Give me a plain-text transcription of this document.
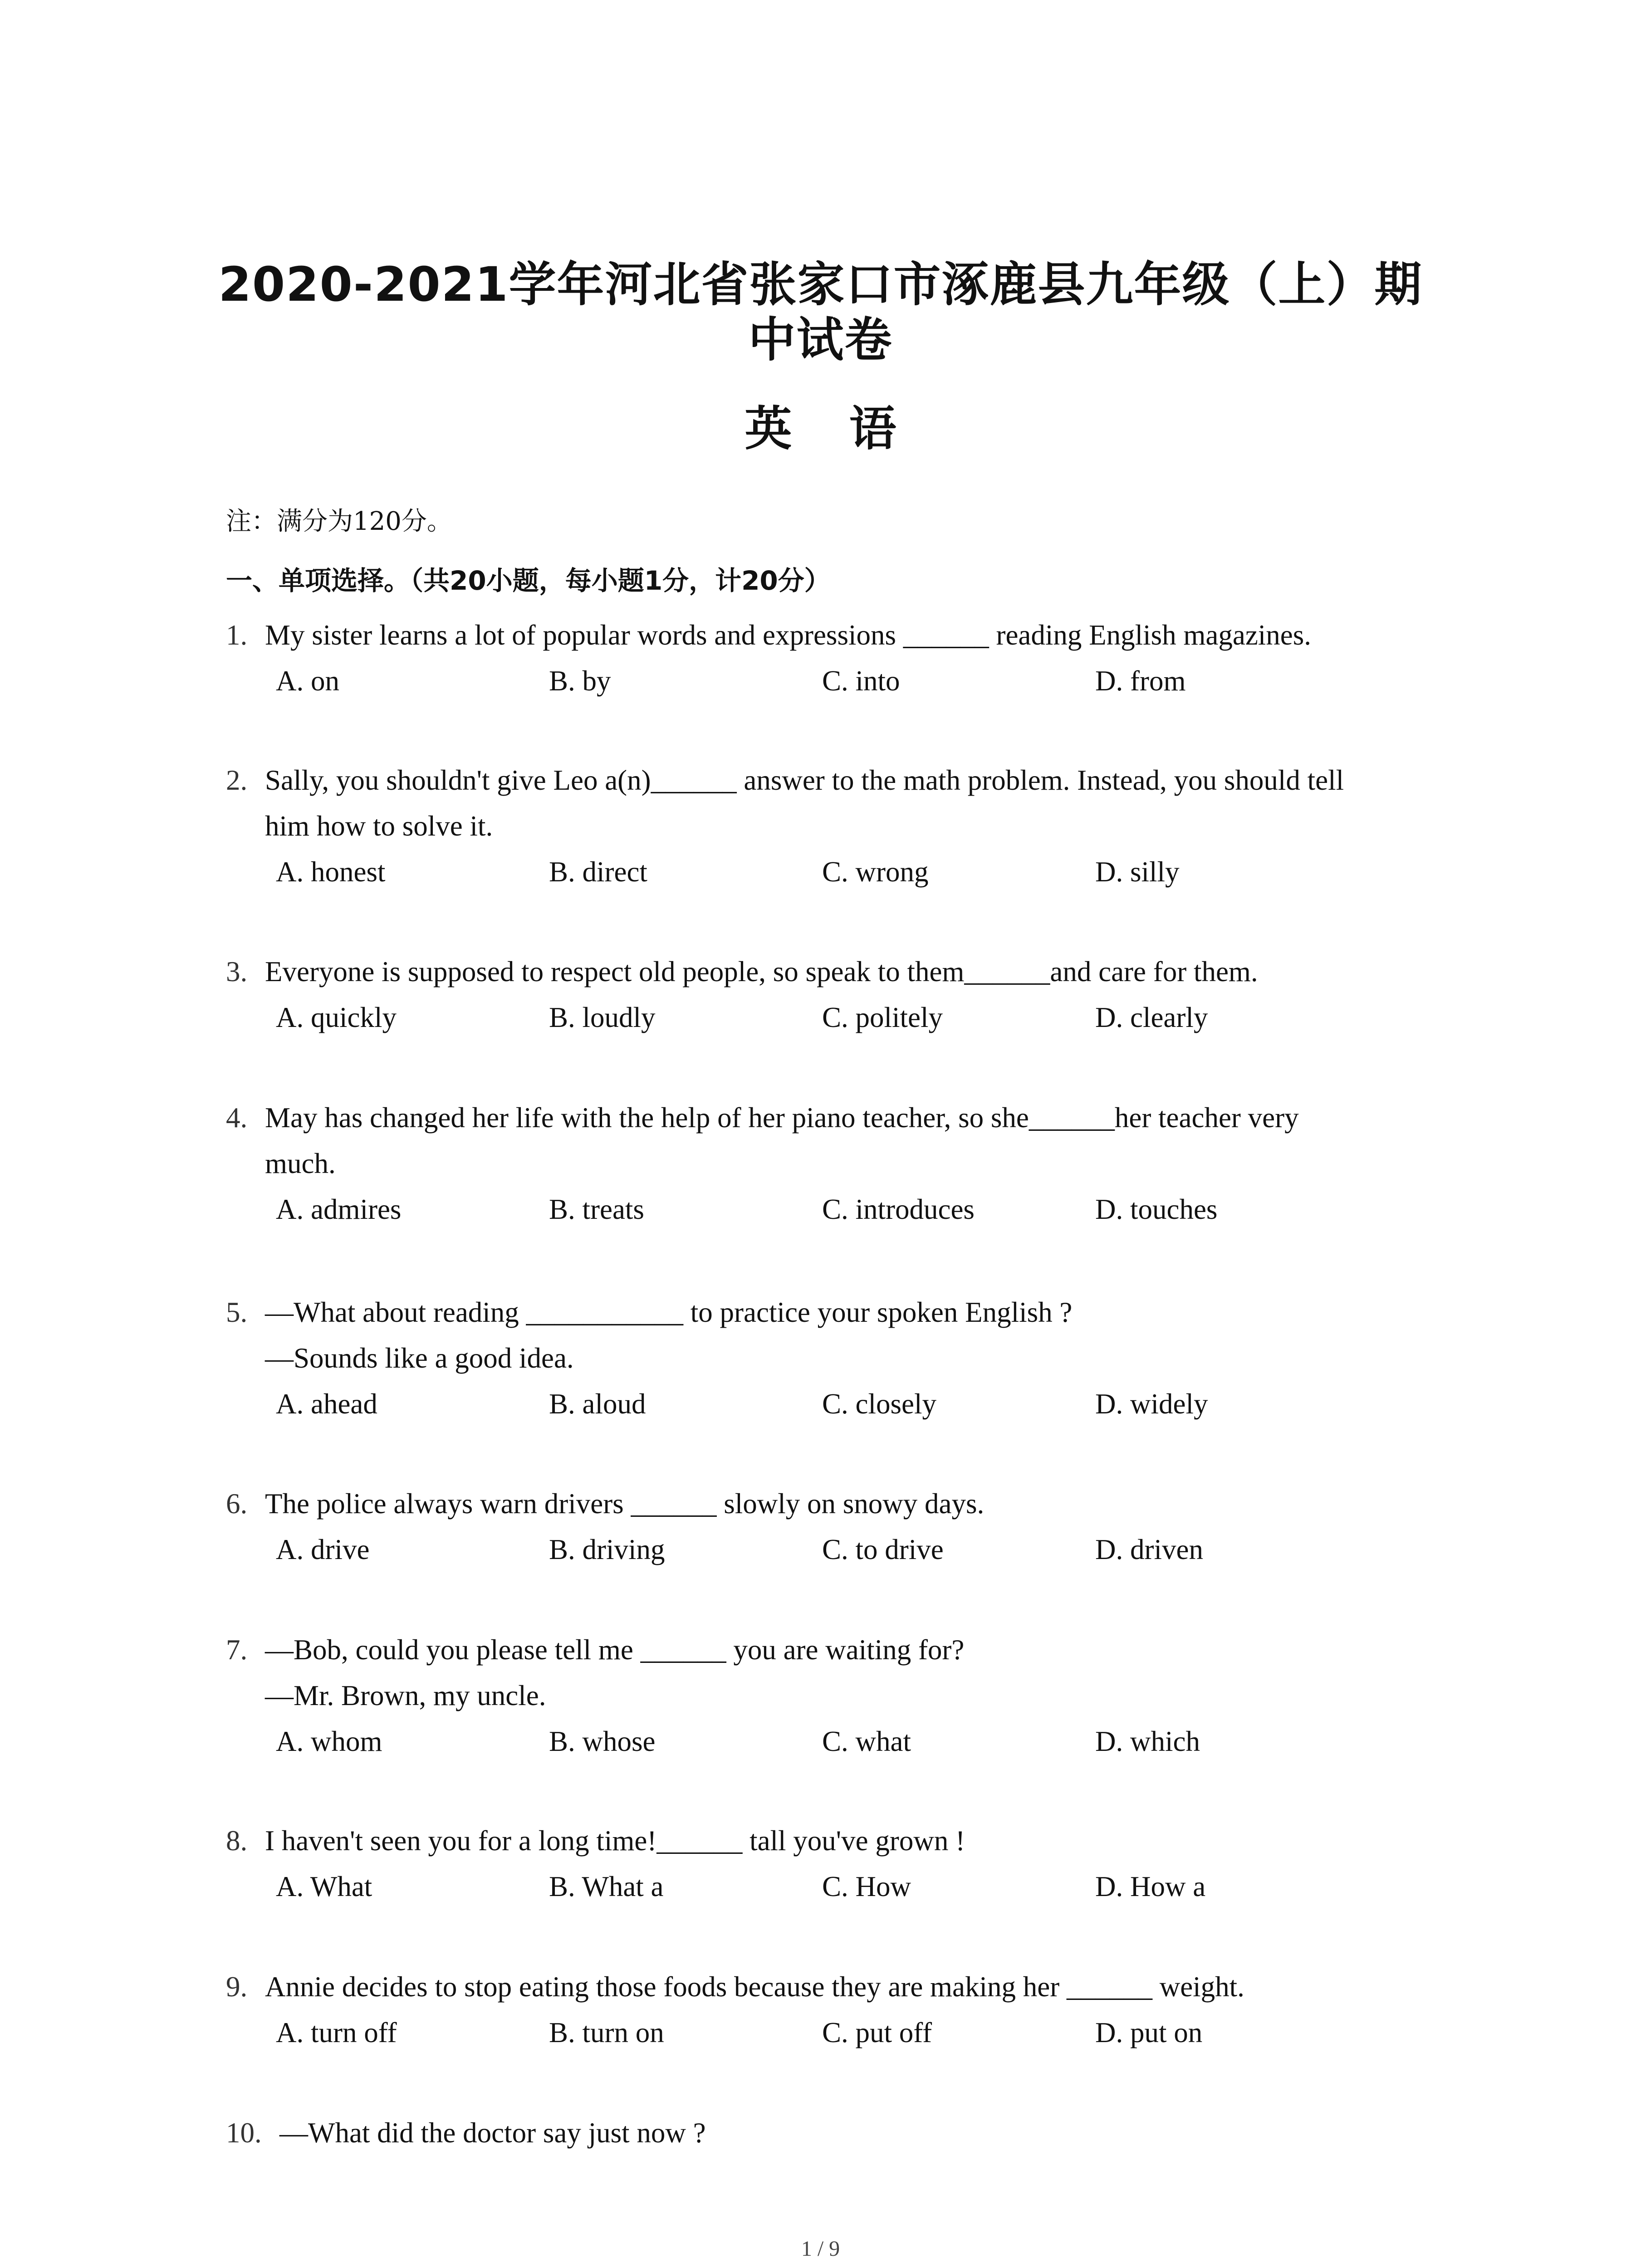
2020-2021学年河北省张家口市涿鹿县九年级（上）期
中试卷
英 语
注：满分为120分。
一、单项选择。（共20小题，每小题1分，计20分）
1. My sister learns a lot of popular words and expressions ______ reading English magazines.
A. on	B. by	C. into	D. from
2. Sally, you shouldn't give Leo a(n)______ answer to the math problem. Instead, you should tell
him how to solve it.
A. honest	B. direct	C. wrong	D. silly
3. Everyone is supposed to respect old people, so speak to them______and care for them.
A. quickly	B. loudly	C. politely	D. clearly
4. May has changed her life with the help of her piano teacher, so she______her teacher very
much.
A. admires	B. treats	C. introduces	D. touches
5. —What about reading ___________ to practice your spoken English ?
—Sounds like a good idea.
A. ahead	B. aloud	C. closely	D. widely
6. The police always warn drivers ______ slowly on snowy days.
A. drive	B. driving	C. to drive	D. driven
7. —Bob, could you please tell me ______ you are waiting for?
—Mr. Brown, my uncle.
A. whom	B. whose	C. what	D. which
8. I haven't seen you for a long time!______ tall you've grown !
A. What	B. What a	C. How	D. How a
9. Annie decides to stop eating those foods because they are making her ______ weight.
A. turn off	B. turn on	C. put off	D. put on
10. —What did the doctor say just now ?
1 / 9
